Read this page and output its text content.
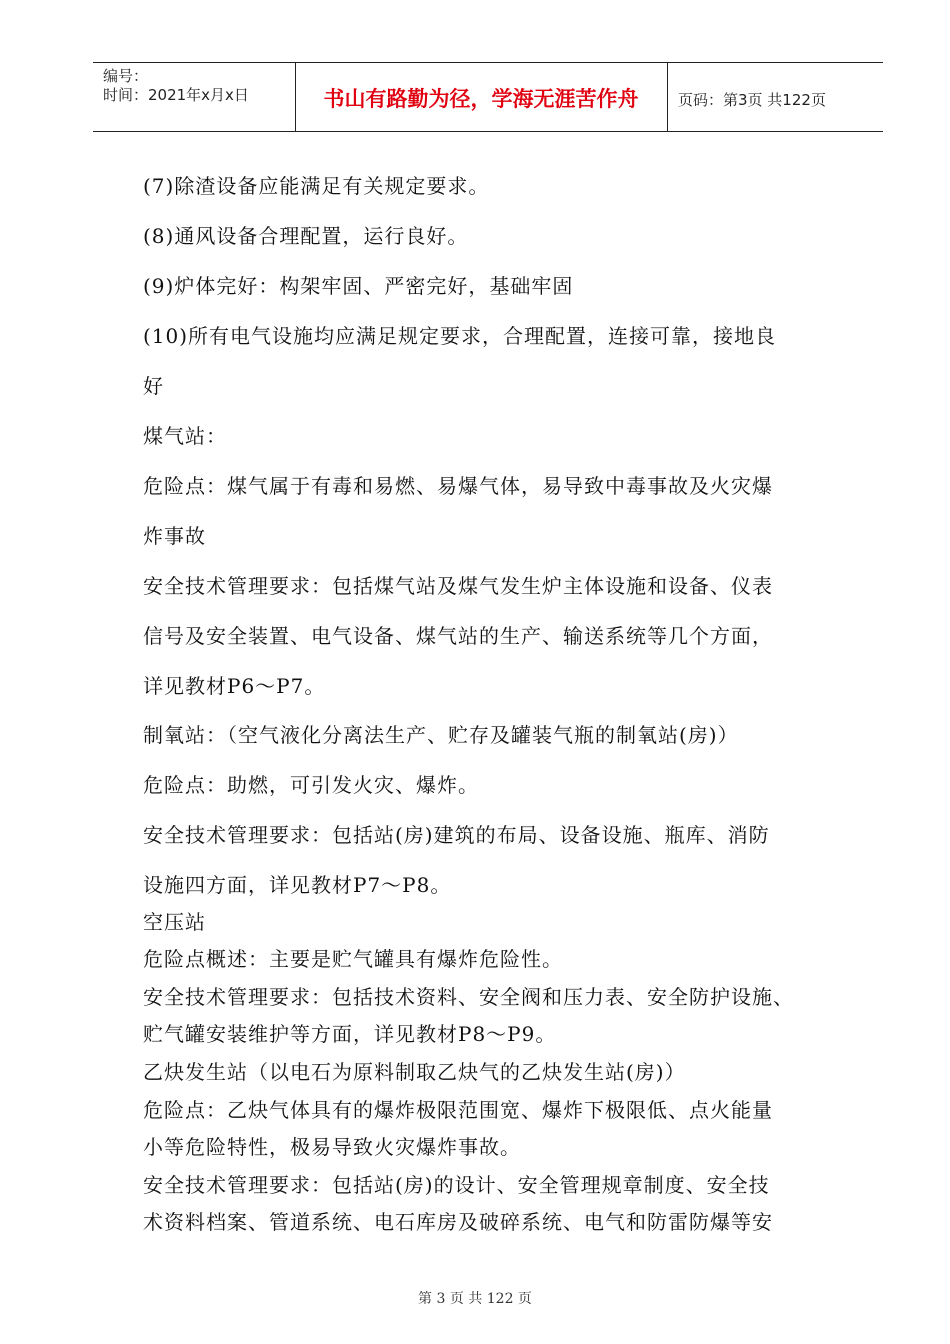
编号：
时间：2021年x月x日	书山有路勤为径，学海无涯苦作舟	页码：第3页 共122页
(7)除渣设备应能满足有关规定要求。
(8)通风设备合理配置，运行良好。
(9)炉体完好：构架牢固、严密完好，基础牢固
(10)所有电气设施均应满足规定要求，合理配置，连接可靠，接地良
好
煤气站：
危险点：煤气属于有毒和易燃、易爆气体，易导致中毒事故及火灾爆
炸事故
安全技术管理要求：包括煤气站及煤气发生炉主体设施和设备、仪表
信号及安全装置、电气设备、煤气站的生产、输送系统等几个方面，
详见教材P6～P7。
制氧站：（空气液化分离法生产、贮存及罐装气瓶的制氧站(房)）
危险点：助燃，可引发火灾、爆炸。
安全技术管理要求：包括站(房)建筑的布局、设备设施、瓶库、消防
设施四方面，详见教材P7～P8。
空压站
危险点概述：主要是贮气罐具有爆炸危险性。
安全技术管理要求：包括技术资料、安全阀和压力表、安全防护设施、
贮气罐安装维护等方面，详见教材P8～P9。
乙炔发生站（以电石为原料制取乙炔气的乙炔发生站(房)）
危险点：乙炔气体具有的爆炸极限范围宽、爆炸下极限低、点火能量
小等危险特性，极易导致火灾爆炸事故。
安全技术管理要求：包括站(房)的设计、安全管理规章制度、安全技
术资料档案、管道系统、电石库房及破碎系统、电气和防雷防爆等安
第 3 页 共 122 页
